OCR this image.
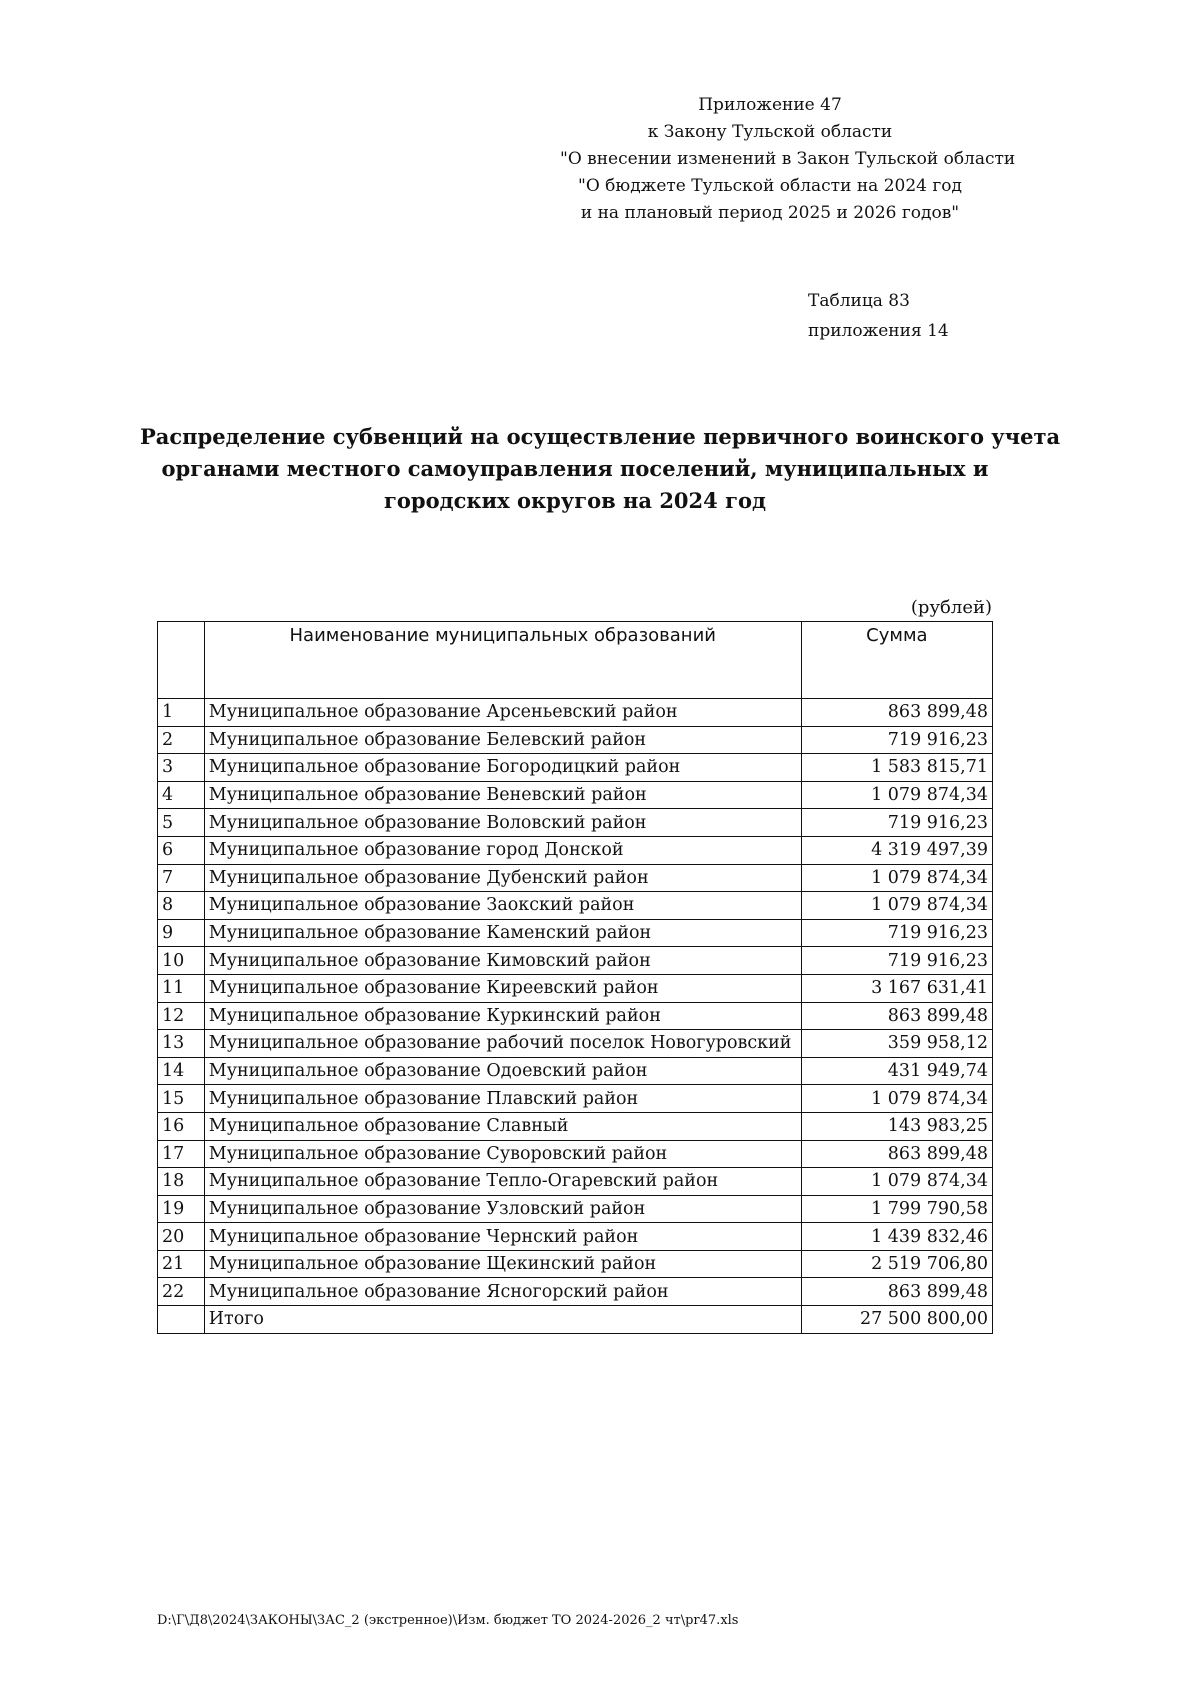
Приложение 47
к Закону Тульской области
"О внесении изменений в Закон Тульской области
"О бюджете Тульской области на 2024 год
и на плановый период 2025 и 2026 годов"
Таблица 83
приложения 14
Распределение субвенций на осуществление первичного воинского учета
органами местного самоуправления поселений, муниципальных и
городских округов на 2024 год
(рублей)
	Наименование муниципальных образований	Сумма
1	Муниципальное образование Арсеньевский район	863 899,48
2	Муниципальное образование Белевский район	719 916,23
3	Муниципальное образование Богородицкий район	1 583 815,71
4	Муниципальное образование Веневский район	1 079 874,34
5	Муниципальное образование Воловский район	719 916,23
6	Муниципальное образование город Донской	4 319 497,39
7	Муниципальное образование Дубенский район	1 079 874,34
8	Муниципальное образование Заокский район	1 079 874,34
9	Муниципальное образование Каменский район	719 916,23
10	Муниципальное образование Кимовский район	719 916,23
11	Муниципальное образование Киреевский район	3 167 631,41
12	Муниципальное образование Куркинский район	863 899,48
13	Муниципальное образование рабочий поселок Новогуровский	359 958,12
14	Муниципальное образование Одоевский район	431 949,74
15	Муниципальное образование Плавский район	1 079 874,34
16	Муниципальное образование Славный	143 983,25
17	Муниципальное образование Суворовский район	863 899,48
18	Муниципальное образование Тепло-Огаревский район	1 079 874,34
19	Муниципальное образование Узловский район	1 799 790,58
20	Муниципальное образование Чернский район	1 439 832,46
21	Муниципальное образование Щекинский район	2 519 706,80
22	Муниципальное образование Ясногорский район	863 899,48
	Итого	27 500 800,00
D:\Г\Д8\2024\ЗАКОНЫ\ЗАС_2 (экстренное)\Изм. бюджет ТО 2024-2026_2 чт\pr47.xls
